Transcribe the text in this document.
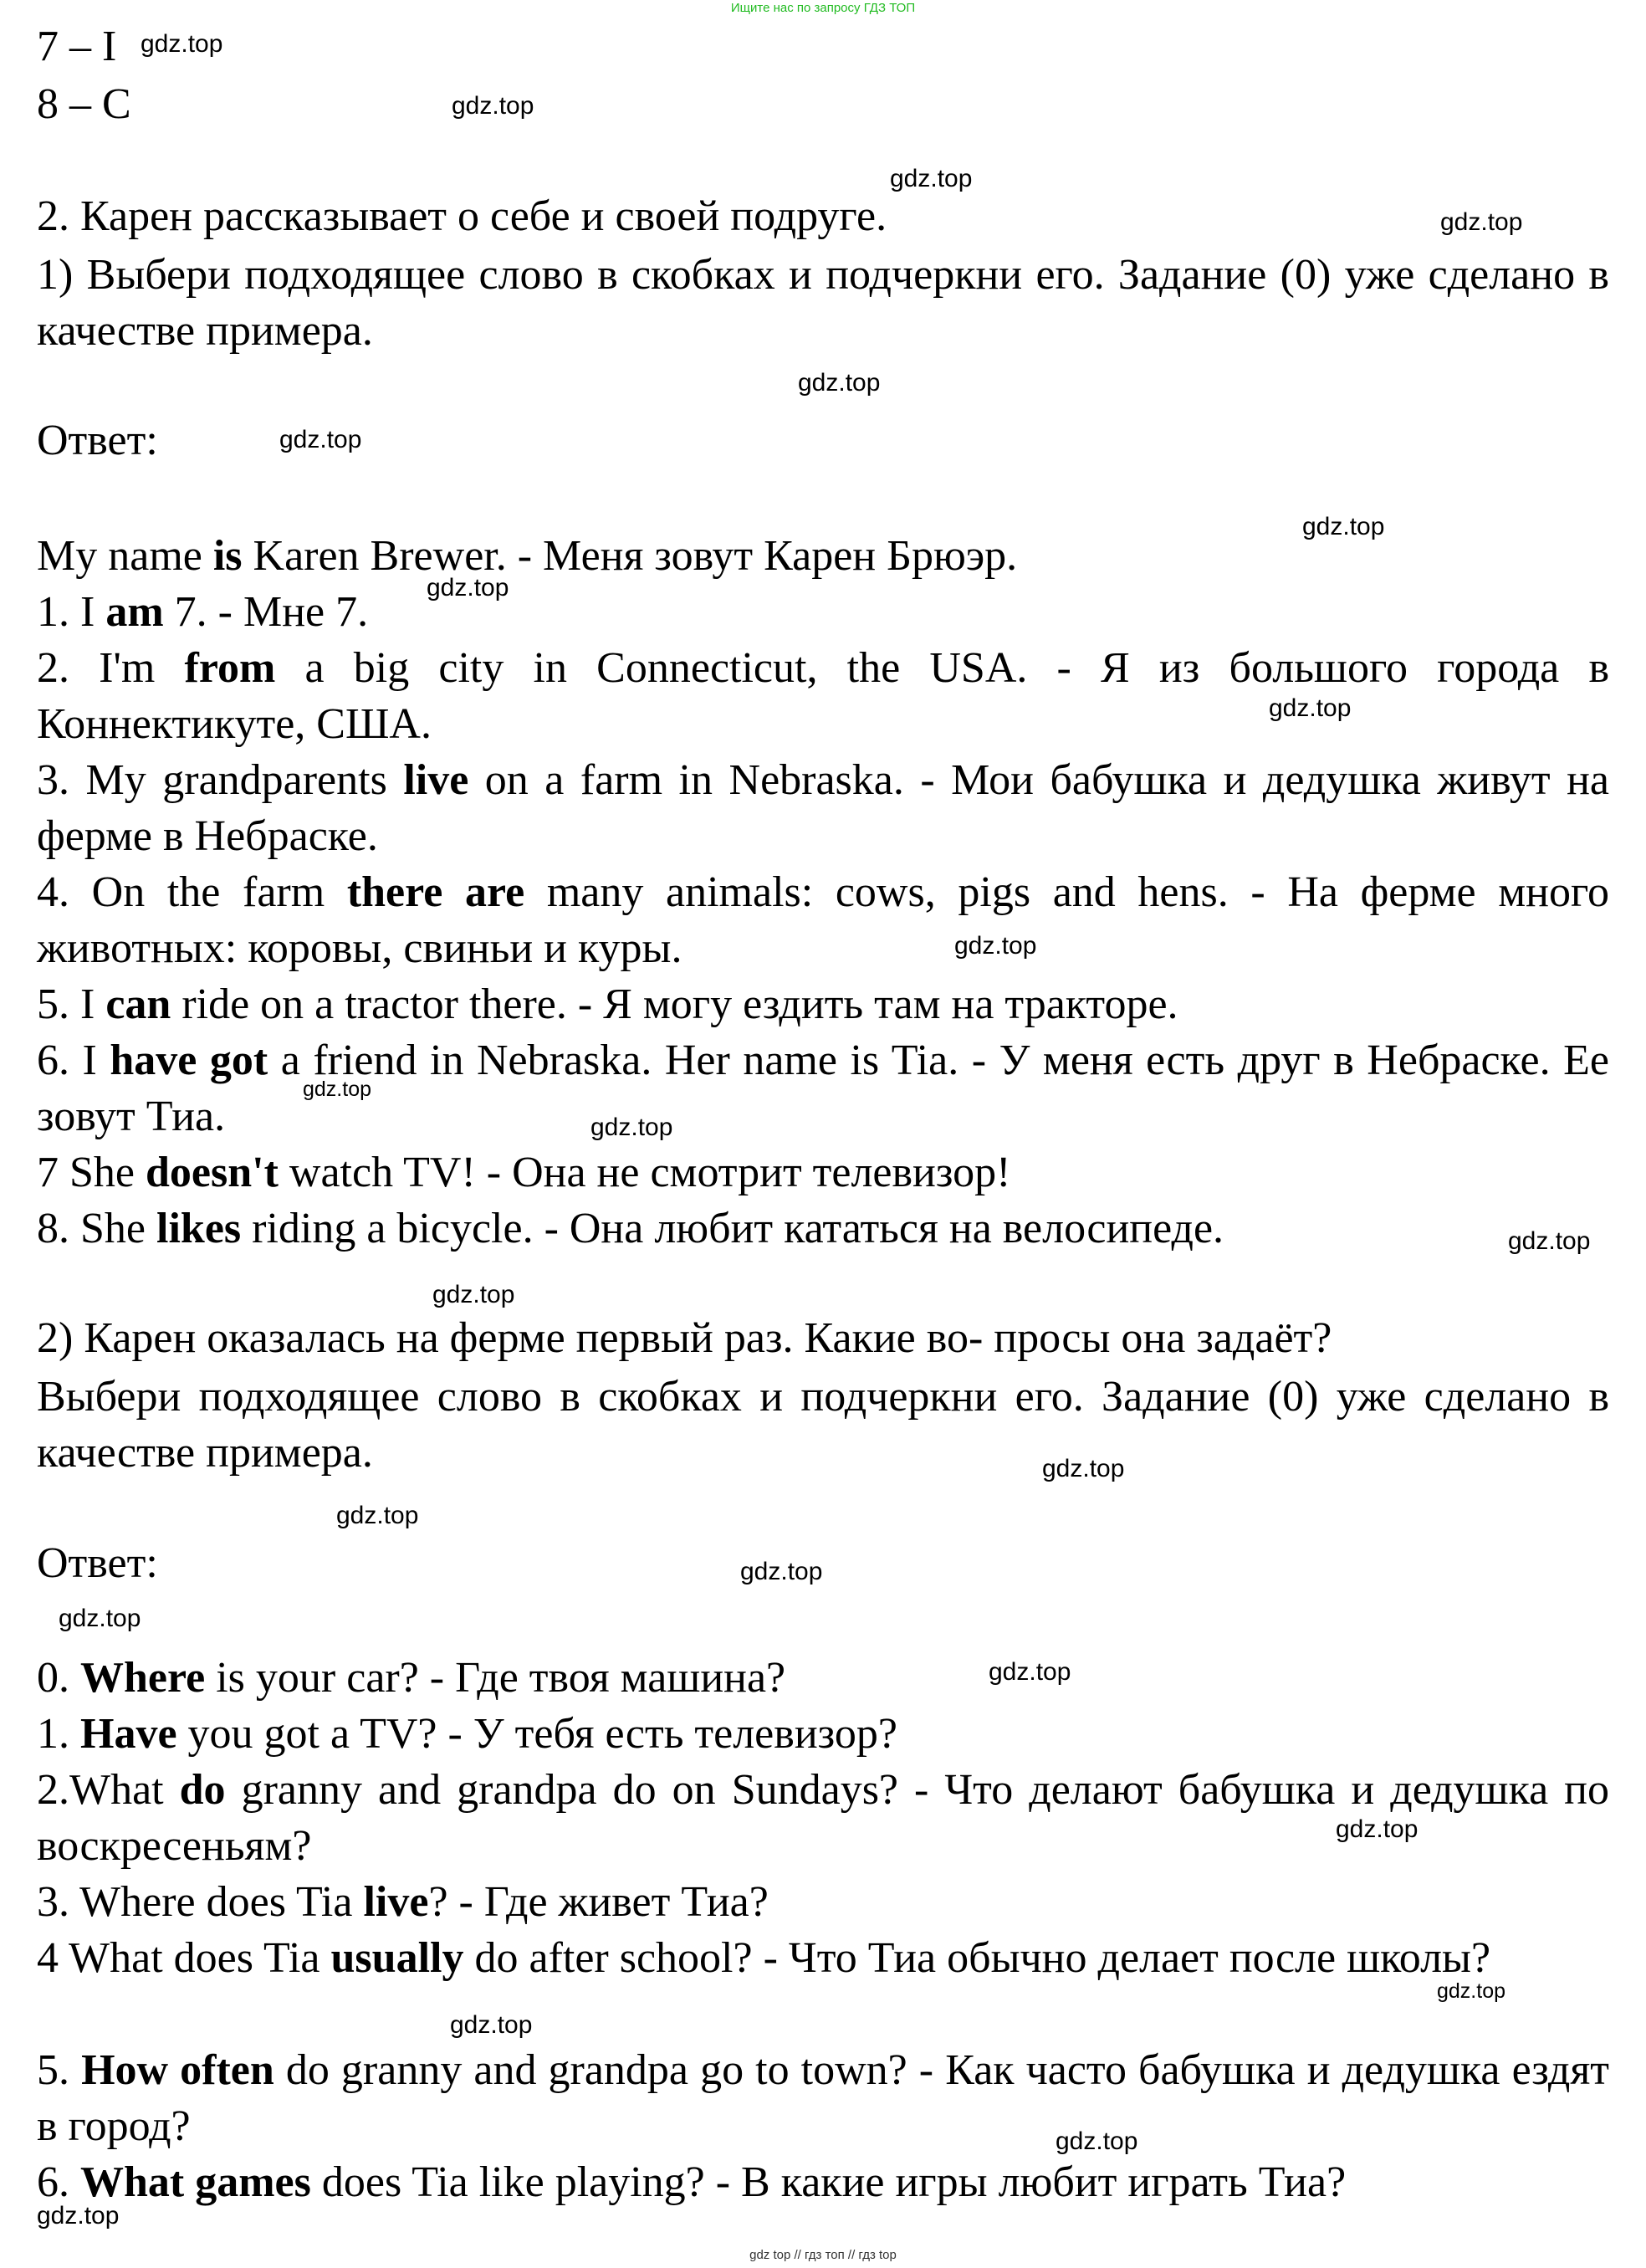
Ищите нас по запросу ГДЗ ТОП
7 – I
8 – C
2. Карен рассказывает о себе и своей подруге.
1) Выбери подходящее слово в скобках и подчеркни его. Задание (0) уже сделано в качестве примера.
Ответ:
My name is Karen Brewer. - Меня зовут Карен Брюэр.
1. I am 7. - Мне 7.
2. I'm from a big city in Connecticut, the USA. - Я из большого города в Коннектикуте, США.
3. My grandparents live on a farm in Nebraska. - Мои бабушка и дедушка живут на ферме в Небраске.
4. On the farm there are many animals: cows, pigs and hens. - На ферме много животных: коровы, свиньи и куры.
5. I can ride on a tractor there. - Я могу ездить там на тракторе.
6. I have got a friend in Nebraska. Her name is Tia. - У меня есть друг в Небраске. Ее зовут Тиа.
7 She doesn't watch TV! - Она не смотрит телевизор!
8. She likes riding a bicycle. - Она любит кататься на велосипеде.
2) Карен оказалась на ферме первый раз. Какие во- просы она задаёт?
Выбери подходящее слово в скобках и подчеркни его. Задание (0) уже сделано в качестве примера.
Ответ:
0. Where is your car? - Где твоя машина?
1. Have you got a TV? - У тебя есть телевизор?
2.What do granny and grandpa do on Sundays? - Что делают бабушка и дедушка по воскресеньям?
3. Where does Tia live? - Где живет Тиа?
4 What does Tia usually do after school? - Что Тиа обычно делает после школы?
5. How often do granny and grandpa go to town? - Как часто бабушка и дедушка ездят в город?
6. What games does Tia like playing? - В какие игры любит играть Тиа?
gdz.top
gdz.top
gdz.top
gdz.top
gdz.top
gdz.top
gdz.top
gdz.top
gdz.top
gdz.top
gdz.top
gdz.top
gdz.top
gdz.top
gdz.top
gdz.top
gdz.top
gdz.top
gdz.top
gdz.top
gdz.top
gdz.top
gdz.top
gdz.top
gdz top // гдз топ // гдз top
